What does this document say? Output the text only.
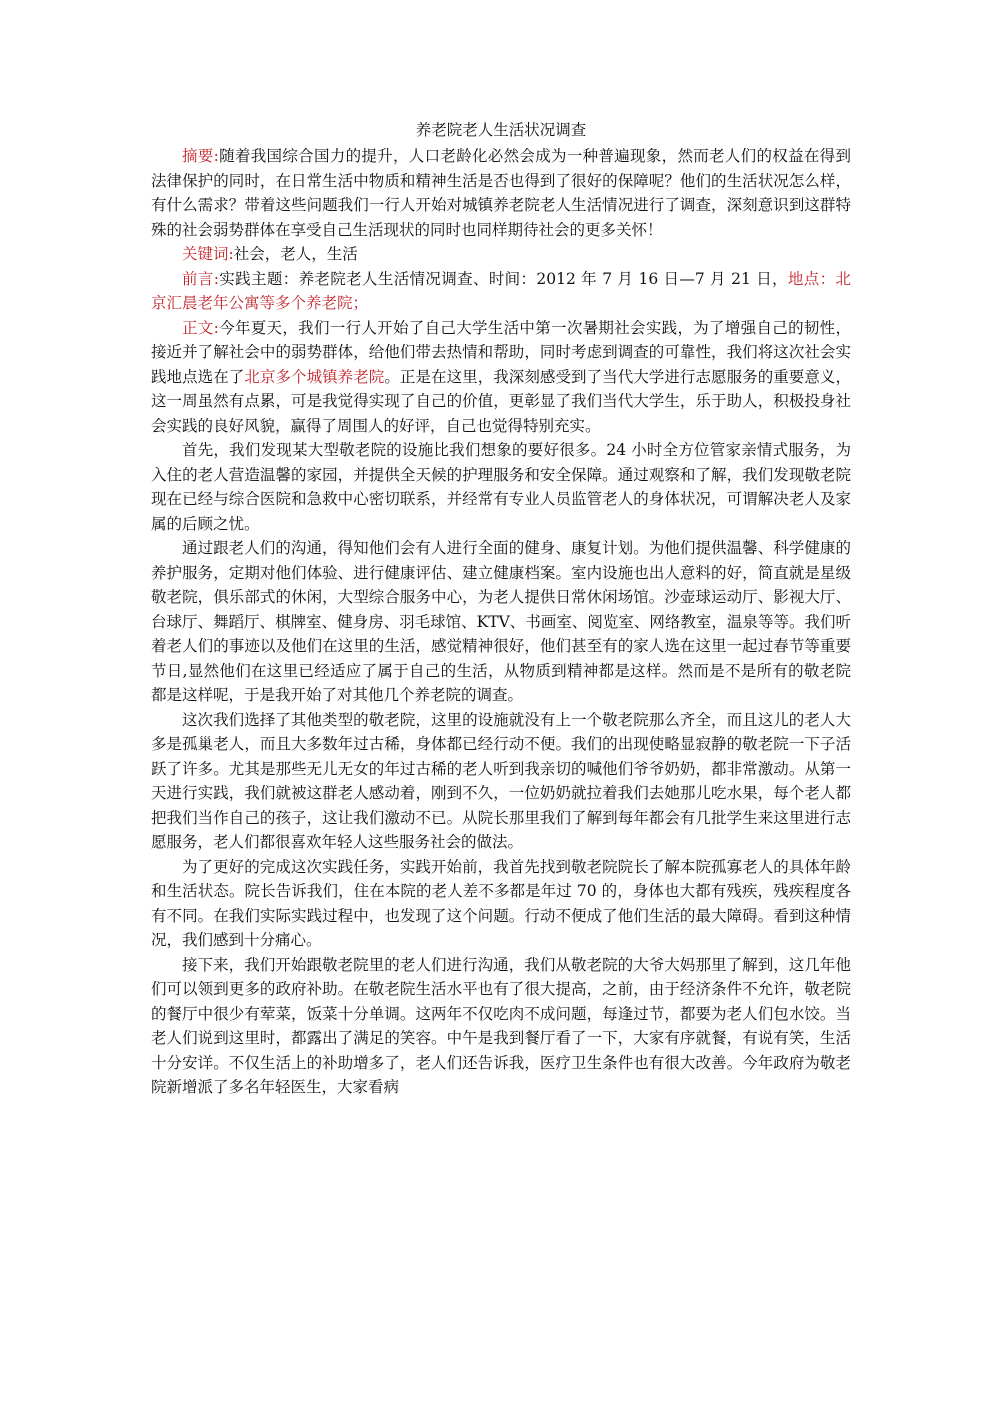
养老院老人生活状况调查

摘要:随着我国综合国力的提升，人口老龄化必然会成为一种普遍现象，然而老人们的权益在得到法律保护的同时，在日常生活中物质和精神生活是否也得到了很好的保障呢？他们的生活状况怎么样，有什么需求？带着这些问题我们一行人开始对城镇养老院老人生活情况进行了调查，深刻意识到这群特殊的社会弱势群体在享受自己生活现状的同时也同样期待社会的更多关怀！

关键词:社会，老人，生活

前言:实践主题：养老院老人生活情况调查、时间：2012 年 7 月 16 日—7 月 21 日，地点：北京汇晨老年公寓等多个养老院；

正文:今年夏天，我们一行人开始了自己大学生活中第一次暑期社会实践，为了增强自己的韧性，接近并了解社会中的弱势群体，给他们带去热情和帮助，同时考虑到调查的可靠性，我们将这次社会实践地点选在了北京多个城镇养老院。正是在这里，我深刻感受到了当代大学进行志愿服务的重要意义，这一周虽然有点累，可是我觉得实现了自己的价值，更彰显了我们当代大学生，乐于助人，积极投身社会实践的良好风貌，赢得了周围人的好评，自己也觉得特别充实。

首先，我们发现某大型敬老院的设施比我们想象的要好很多。24 小时全方位管家亲情式服务，为入住的老人营造温馨的家园，并提供全天候的护理服务和安全保障。通过观察和了解，我们发现敬老院现在已经与综合医院和急救中心密切联系，并经常有专业人员监管老人的身体状况，可谓解决老人及家属的后顾之忧。

通过跟老人们的沟通，得知他们会有人进行全面的健身、康复计划。为他们提供温馨、科学健康的养护服务，定期对他们体验、进行健康评估、建立健康档案。室内设施也出人意料的好，简直就是星级敬老院，俱乐部式的休闲，大型综合服务中心，为老人提供日常休闲场馆。沙壶球运动厅、影视大厅、台球厅、舞蹈厅、棋牌室、健身房、羽毛球馆、KTV、书画室、阅览室、网络教室，温泉等等。我们听着老人们的事迹以及他们在这里的生活，感觉精神很好，他们甚至有的家人选在这里一起过春节等重要节日,显然他们在这里已经适应了属于自己的生活，从物质到精神都是这样。然而是不是所有的敬老院都是这样呢，于是我开始了对其他几个养老院的调查。

这次我们选择了其他类型的敬老院，这里的设施就没有上一个敬老院那么齐全，而且这儿的老人大多是孤巢老人，而且大多数年过古稀，身体都已经行动不便。我们的出现使略显寂静的敬老院一下子活跃了许多。尤其是那些无儿无女的年过古稀的老人听到我亲切的喊他们爷爷奶奶，都非常激动。从第一天进行实践，我们就被这群老人感动着，刚到不久，一位奶奶就拉着我们去她那儿吃水果，每个老人都把我们当作自己的孩子，这让我们激动不已。从院长那里我们了解到每年都会有几批学生来这里进行志愿服务，老人们都很喜欢年轻人这些服务社会的做法。

为了更好的完成这次实践任务，实践开始前，我首先找到敬老院院长了解本院孤寡老人的具体年龄和生活状态。院长告诉我们，住在本院的老人差不多都是年过 70 的，身体也大都有残疾，残疾程度各有不同。在我们实际实践过程中，也发现了这个问题。行动不便成了他们生活的最大障碍。看到这种情况，我们感到十分痛心。

接下来，我们开始跟敬老院里的老人们进行沟通，我们从敬老院的大爷大妈那里了解到，这几年他们可以领到更多的政府补助。在敬老院生活水平也有了很大提高，之前，由于经济条件不允许，敬老院的餐厅中很少有荤菜，饭菜十分单调。这两年不仅吃肉不成问题，每逢过节，都要为老人们包水饺。当老人们说到这里时，都露出了满足的笑容。中午是我到餐厅看了一下，大家有序就餐，有说有笑，生活十分安详。不仅生活上的补助增多了，老人们还告诉我，医疗卫生条件也有很大改善。今年政府为敬老院新增派了多名年轻医生，大家看病
